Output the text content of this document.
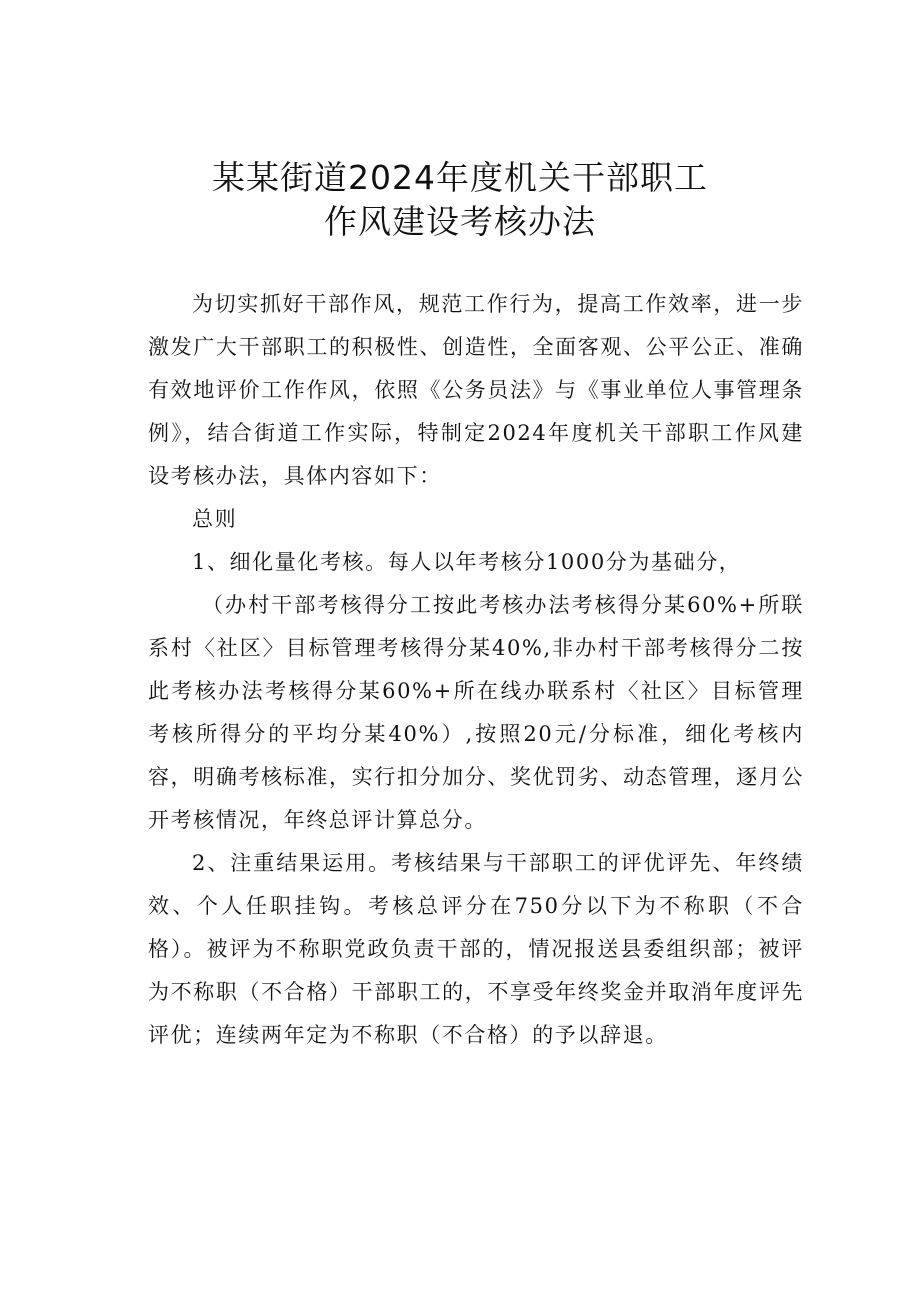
某某街道2024年度机关干部职工
作风建设考核办法

为切实抓好干部作风，规范工作行为，提高工作效率，进一步激发广大干部职工的积极性、创造性，全面客观、公平公正、准确有效地评价工作作风，依照《公务员法》与《事业单位人事管理条例》，结合街道工作实际，特制定2024年度机关干部职工作风建设考核办法，具体内容如下：

总则

1、细化量化考核。每人以年考核分1000分为基础分，

（办村干部考核得分工按此考核办法考核得分某60%+所联系村〈社区〉目标管理考核得分某40%,非办村干部考核得分二按此考核办法考核得分某60%+所在线办联系村〈社区〉目标管理考核所得分的平均分某40%）,按照20元/分标准，细化考核内容，明确考核标准，实行扣分加分、奖优罚劣、动态管理，逐月公开考核情况，年终总评计算总分。

2、注重结果运用。考核结果与干部职工的评优评先、年终绩效、个人任职挂钩。考核总评分在750分以下为不称职（不合格）。被评为不称职党政负责干部的，情况报送县委组织部；被评为不称职（不合格）干部职工的，不享受年终奖金并取消年度评先评优；连续两年定为不称职（不合格）的予以辞退。
